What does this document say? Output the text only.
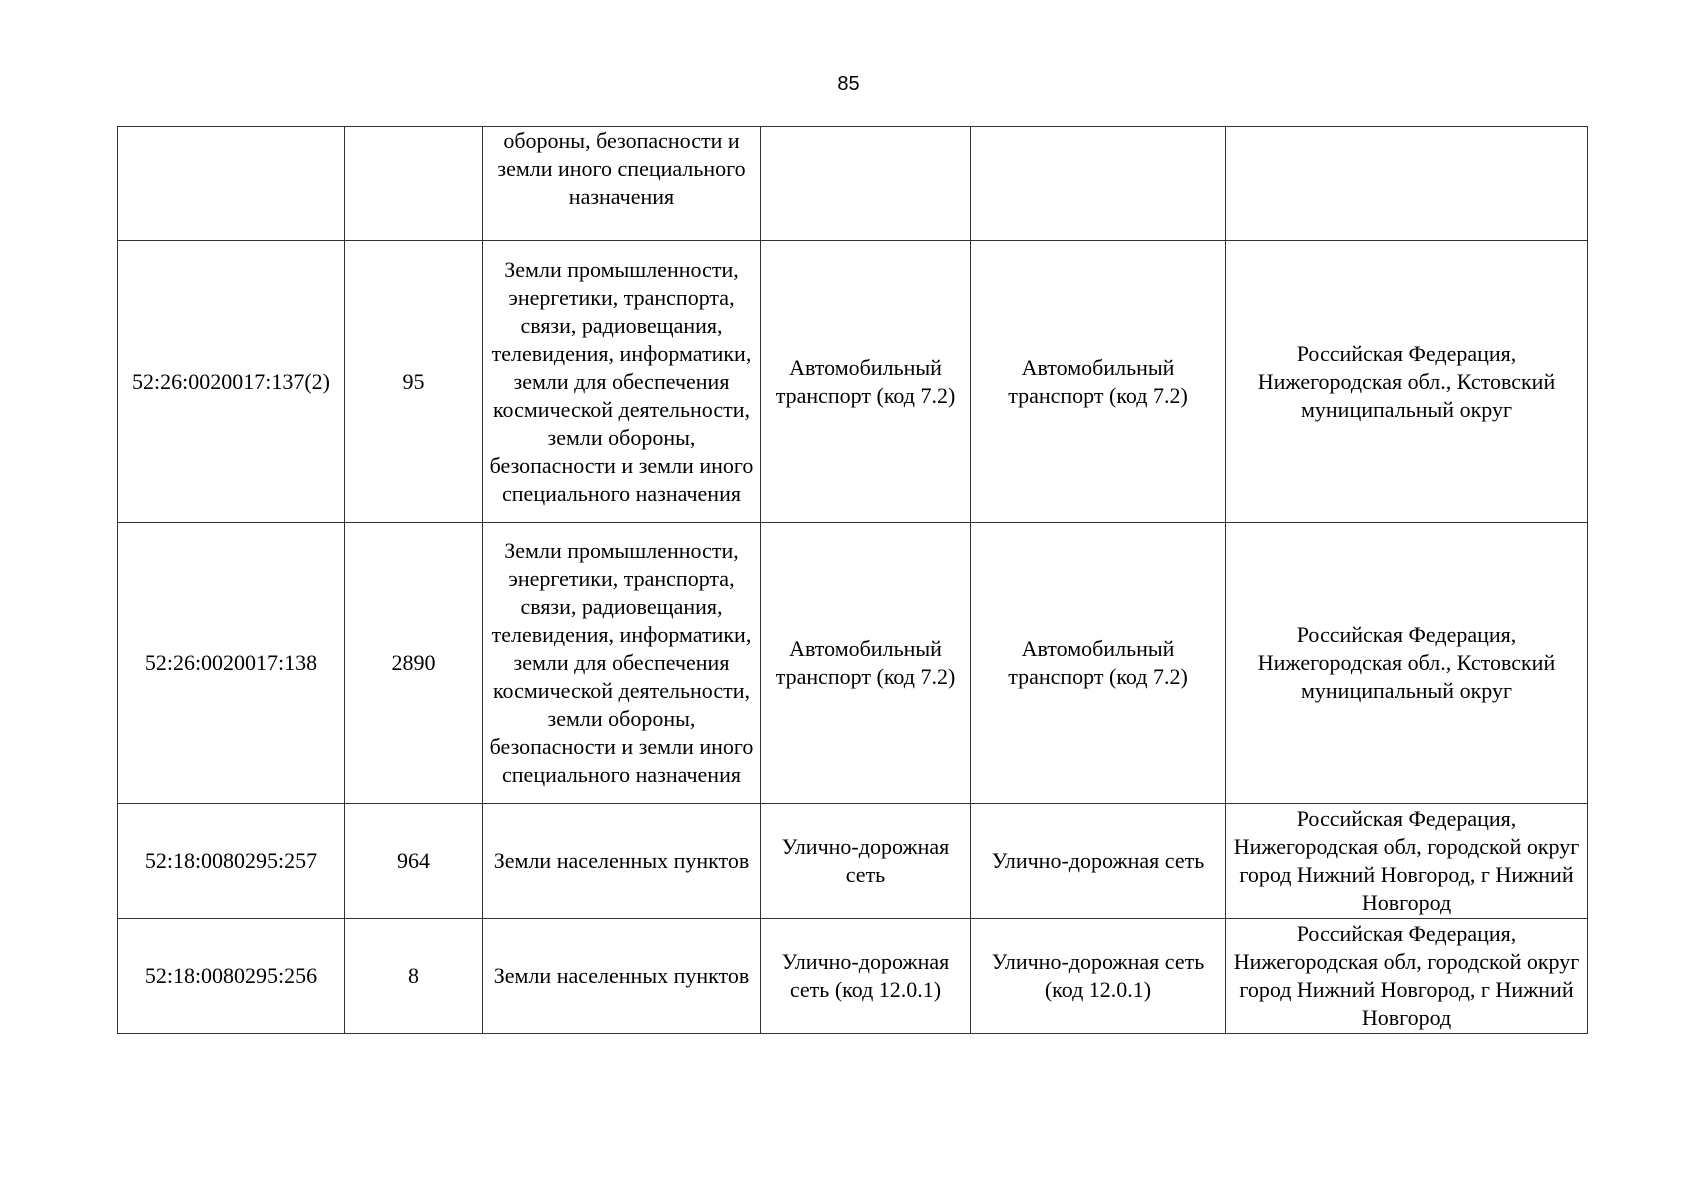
85
		обороны, безопасности и земли иного специального назначения			
52:26:0020017:137(2)	95	Земли промышленности, энергетики, транспорта, связи, радиовещания, телевидения, информатики, земли для обеспечения космической деятельности, земли обороны, безопасности и земли иного специального назначения	Автомобильный транспорт (код 7.2)	Автомобильный транспорт (код 7.2)	Российская Федерация, Нижегородская обл., Кстовский муниципальный округ
52:26:0020017:138	2890	Земли промышленности, энергетики, транспорта, связи, радиовещания, телевидения, информатики, земли для обеспечения космической деятельности, земли обороны, безопасности и земли иного специального назначения	Автомобильный транспорт (код 7.2)	Автомобильный транспорт (код 7.2)	Российская Федерация, Нижегородская обл., Кстовский муниципальный округ
52:18:0080295:257	964	Земли населенных пунктов	Улично-дорожная сеть	Улично-дорожная сеть	Российская Федерация, Нижегородская обл, городской округ город Нижний Новгород, г Нижний Новгород
52:18:0080295:256	8	Земли населенных пунктов	Улично-дорожная сеть (код 12.0.1)	Улично-дорожная сеть (код 12.0.1)	Российская Федерация, Нижегородская обл, городской округ город Нижний Новгород, г Нижний Новгород
